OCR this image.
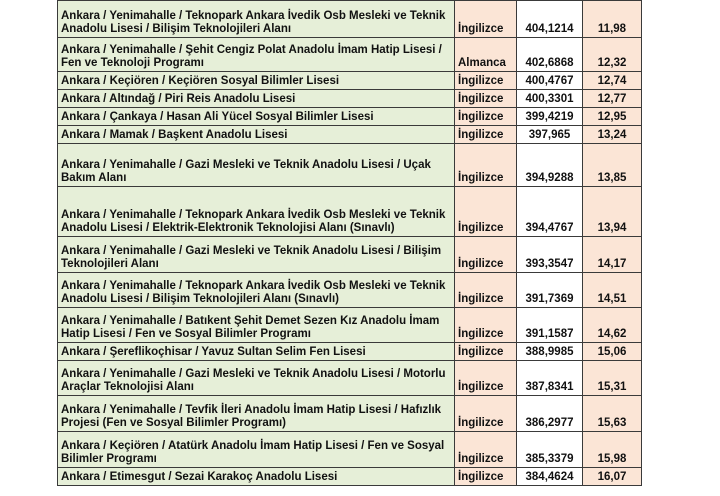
Ankara / Yenimahalle / Teknopark Ankara İvedik Osb Mesleki ve Teknik Anadolu Lisesi / Bilişim Teknolojileri Alanı	İngilizce	404,1214	11,98
Ankara / Yenimahalle / Şehit Cengiz Polat Anadolu İmam Hatip Lisesi / Fen ve Teknoloji Programı	Almanca	402,6868	12,32
Ankara / Keçiören / Keçiören Sosyal Bilimler Lisesi	İngilizce	400,4767	12,74
Ankara / Altındağ / Piri Reis Anadolu Lisesi	İngilizce	400,3301	12,77
Ankara / Çankaya / Hasan Ali Yücel Sosyal Bilimler Lisesi	İngilizce	399,4219	12,95
Ankara / Mamak / Başkent Anadolu Lisesi	İngilizce	397,965	13,24
Ankara / Yenimahalle / Gazi Mesleki ve Teknik Anadolu Lisesi / Uçak Bakım Alanı	İngilizce	394,9288	13,85
Ankara / Yenimahalle / Teknopark Ankara İvedik Osb Mesleki ve Teknik Anadolu Lisesi / Elektrik-Elektronik Teknolojisi Alanı (Sınavlı)	İngilizce	394,4767	13,94
Ankara / Yenimahalle / Gazi Mesleki ve Teknik Anadolu Lisesi / Bilişim Teknolojileri Alanı	İngilizce	393,3547	14,17
Ankara / Yenimahalle / Teknopark Ankara İvedik Osb Mesleki ve Teknik Anadolu Lisesi / Bilişim Teknolojileri Alanı (Sınavlı)	İngilizce	391,7369	14,51
Ankara / Yenimahalle / Batıkent Şehit Demet Sezen Kız Anadolu İmam Hatip Lisesi / Fen ve Sosyal Bilimler Programı	İngilizce	391,1587	14,62
Ankara / Şereflikoçhisar / Yavuz Sultan Selim Fen Lisesi	İngilizce	388,9985	15,06
Ankara / Yenimahalle / Gazi Mesleki ve Teknik Anadolu Lisesi / Motorlu Araçlar Teknolojisi Alanı	İngilizce	387,8341	15,31
Ankara / Yenimahalle / Tevfik İleri Anadolu İmam Hatip Lisesi / Hafızlık Projesi (Fen ve Sosyal Bilimler Programı)	İngilizce	386,2977	15,63
Ankara / Keçiören / Atatürk Anadolu İmam Hatip Lisesi / Fen ve Sosyal Bilimler Programı	İngilizce	385,3379	15,98
Ankara / Etimesgut / Sezai Karakoç Anadolu Lisesi	İngilizce	384,4624	16,07
